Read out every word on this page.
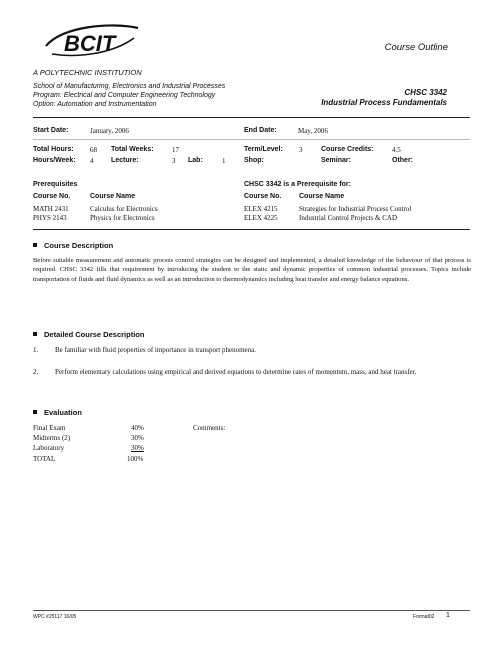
BCIT	Course Outline
A POLYTECHNIC INSTITUTION
School of Manufacturing, Electronics and Industrial Processes
Program: Electrical and Computer Engineering Technology
Option: Automation and Instrumentation
CHSC 3342
Industrial Process Fundamentals
Start Date:	January, 2006	End Date:	May, 2006
Total Hours: 68 Total Weeks:	17	Term/Level: 3	Course Credits:	4.5
Hours/Week: 4	Lecture:	3 Lab:	1	Shop:	Seminar:	Other:
Prerequisites
Course No.	Course Name
MATH 2431	Calculus for Electronics
PHYS 2143	Physics for Electronics
CHSC 3342 is a Prerequisite for:
Course No.	Course Name
ELEX 4215	Strategies for Industrial Process Control
ELEX 4225	Industrial Control Projects & CAD
Course Description
Before suitable measurement and automatic process control strategies can be designed and implemented, a detailed knowledge of the behaviour of that process is required. CHSC 3342 fills that requirement by introducing the student to the static and dynamic properties of common industrial processes. Topics include transportation of fluids and fluid dynamics as well as an introduction to thermodynamics including heat transfer and energy balance equations.
Detailed Course Description
1. Be familiar with fluid properties of importance in transport phenomena.
2. Perform elementary calculations using empirical and derived equations to determine rates of momentum, mass, and heat transfer.
Evaluation
Final Exam	40%
Midterms (2)	30%
Laboratory	30%
TOTAL	100%
Comments:
WPC #25117 10/05	Format02 1
